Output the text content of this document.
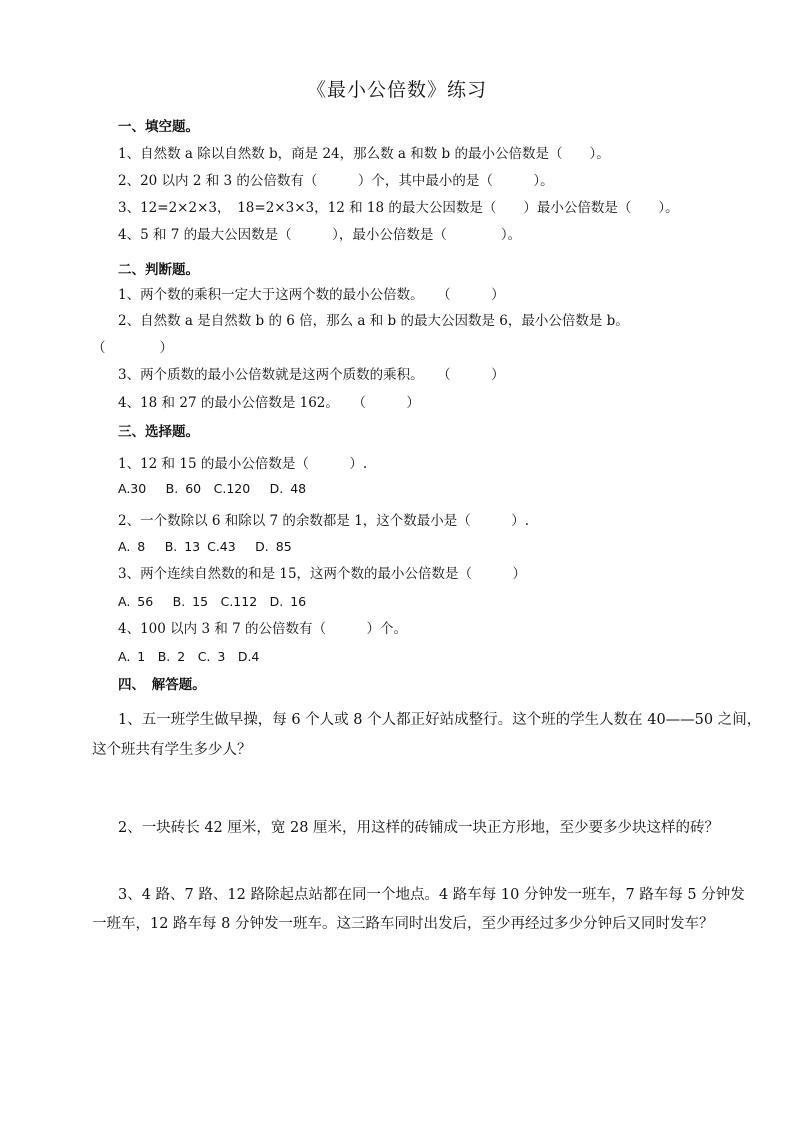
《最小公倍数》练习
一、填空题。
1、自然数 a 除以自然数 b，商是 24，那么数 a 和数 b 的最小公倍数是（　　）。
2、20 以内 2 和 3 的公倍数有（　　　）个，其中最小的是（　　　）。
3、12=2×2×3，　18=2×3×3，12 和 18 的最大公因数是（　　）最小公倍数是（　　）。
4、5 和 7 的最大公因数是（　　　），最小公倍数是（　　　　）。
二、判断题。
1、两个数的乘积一定大于这两个数的最小公倍数。　　（　　　）
2、自然数 a 是自然数 b 的 6 倍，那么 a 和 b 的最大公因数是 6，最小公倍数是 b。
（　　　　）
3、两个质数的最小公倍数就是这两个质数的乘积。　　（　　　）
4、18 和 27 的最小公倍数是 162。　　（　　　）
三、选择题。
1、12 和 15 的最小公倍数是（　　　）.
A.30　 B. 60　C.120　 D. 48
2、一个数除以 6 和除以 7 的余数都是 1，这个数最小是（　　　）.
A. 8　 B. 13 C.43　 D. 85
3、两个连续自然数的和是 15，这两个数的最小公倍数是（　　　）
A. 56　 B. 15　C.112　D. 16
4、100 以内 3 和 7 的公倍数有（　　　）个。
A. 1　B. 2　C. 3　D.4
四、　解答题。
1、五一班学生做早操，每 6 个人或 8 个人都正好站成整行。这个班的学生人数在 40——50 之间，
这个班共有学生多少人？
2、一块砖长 42 厘米，宽 28 厘米，用这样的砖铺成一块正方形地，至少要多少块这样的砖？
3、4 路、7 路、12 路除起点站都在同一个地点。4 路车每 10 分钟发一班车，7 路车每 5 分钟发
一班车，12 路车每 8 分钟发一班车。这三路车同时出发后，至少再经过多少分钟后又同时发车？
